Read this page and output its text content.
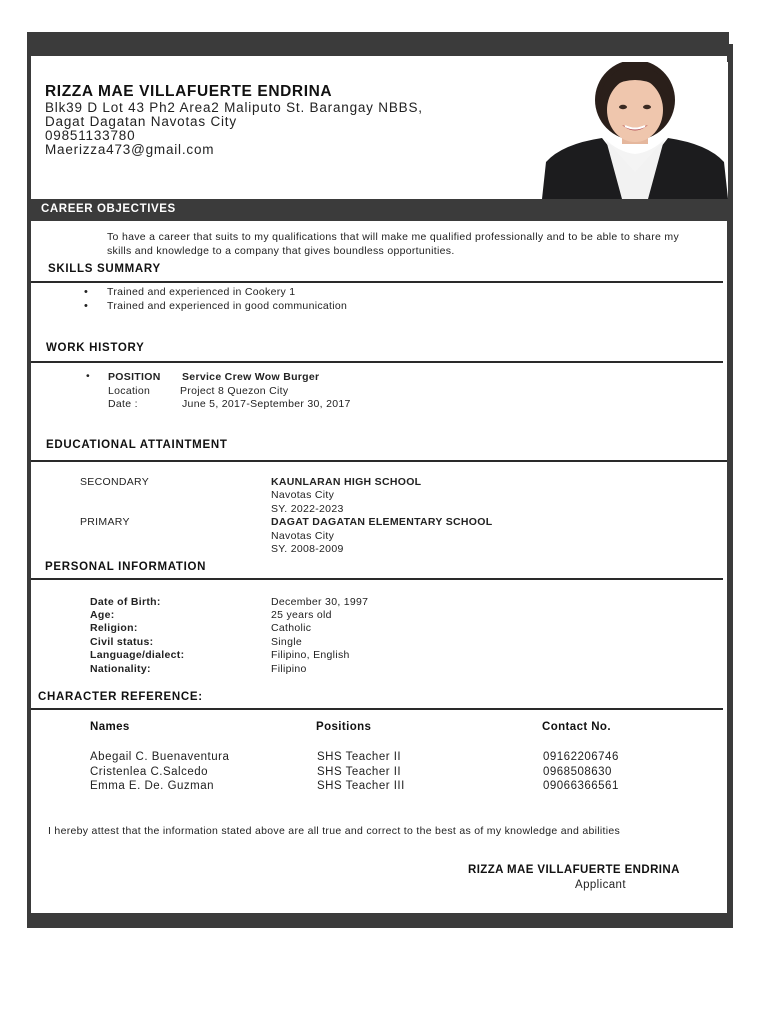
RIZZA MAE VILLAFUERTE ENDRINA
Blk39 D Lot 43 Ph2 Area2 Maliputo St. Barangay NBBS,
Dagat Dagatan Navotas City
09851133780
Maerizza473@gmail.com
CAREER OBJECTIVES
To have a career that suits to my qualifications that will make me qualified professionally and to be able to share my skills and knowledge to a company that gives boundless opportunities.
SKILLS SUMMARY
• Trained and experienced in Cookery 1
• Trained and experienced in good communication
WORK HISTORY
• POSITION Service Crew Wow Burger
Location	Project 8 Quezon City
Date :	June 5, 2017-September 30, 2017
EDUCATIONAL ATTAINTMENT
SECONDARY	KAUNLARAN HIGH SCHOOL
Navotas City
SY. 2022-2023
PRIMARY	DAGAT DAGATAN ELEMENTARY SCHOOL
Navotas City
SY. 2008-2009
PERSONAL INFORMATION
Date of Birth:	December 30, 1997
Age:	25 years old
Religion:	Catholic
Civil status:	Single
Language/dialect:	Filipino, English
Nationality:	Filipino
CHARACTER REFERENCE:
Names	Positions	Contact No.
Abegail C. Buenaventura	SHS Teacher II	09162206746
Cristenlea C.Salcedo	SHS Teacher II	0968508630
Emma E. De. Guzman	SHS Teacher III	09066366561
I hereby attest that the information stated above are all true and correct to the best as of my knowledge and abilities
RIZZA MAE VILLAFUERTE ENDRINA
Applicant
